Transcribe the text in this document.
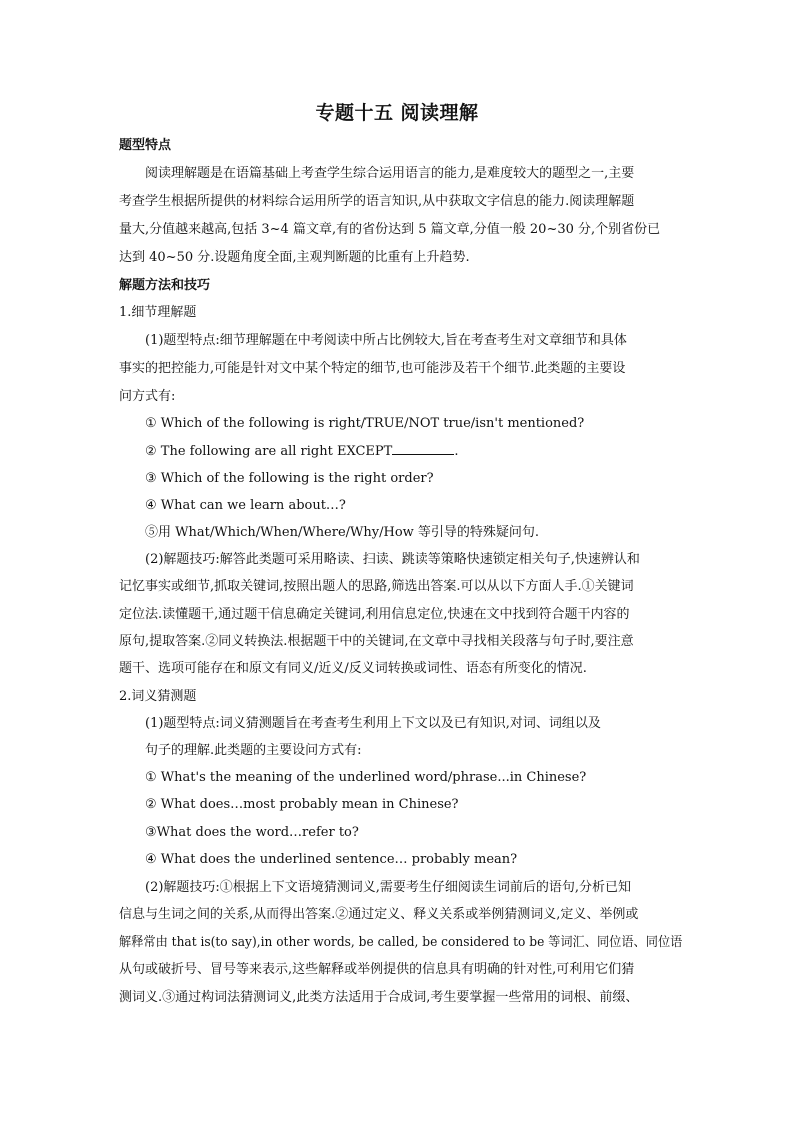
专题十五 阅读理解
题型特点
阅读理解题是在语篇基础上考查学生综合运用语言的能力,是难度较大的题型之一,主要
考查学生根据所提供的材料综合运用所学的语言知识,从中获取文字信息的能力.阅读理解题
量大,分值越来越高,包括 3~4 篇文章,有的省份达到 5 篇文章,分值一般 20~30 分,个别省份已
达到 40~50 分.设题角度全面,主观判断题的比重有上升趋势.
解题方法和技巧
1.细节理解题
(1)题型特点:细节理解题在中考阅读中所占比例较大,旨在考查考生对文章细节和具体
事实的把控能力,可能是针对文中某个特定的细节,也可能涉及若干个细节.此类题的主要设
问方式有:
① Which of the following is right/TRUE/NOT true/isn't mentioned?
② The following are all right EXCEPT	.
③ Which of the following is the right order?
④ What can we learn about…?
⑤用 What/Which/When/Where/Why/How 等引导的特殊疑问句.
(2)解题技巧:解答此类题可采用略读、扫读、跳读等策略快速锁定相关句子,快速辨认和
记忆事实或细节,抓取关键词,按照出题人的思路,筛选出答案.可以从以下方面人手.①关键词
定位法.读懂题干,通过题干信息确定关键词,利用信息定位,快速在文中找到符合题干内容的
原句,提取答案.②同义转换法.根据题干中的关键词,在文章中寻找相关段落与句子时,要注意
题干、选项可能存在和原文有同义/近义/反义词转换或词性、语态有所变化的情况.
2.词义猜测题
(1)题型特点:词义猜测题旨在考查考生利用上下文以及已有知识,对词、词组以及
句子的理解.此类题的主要设问方式有:
① What's the meaning of the underlined word/phrase...in Chinese?
② What does…most probably mean in Chinese?
③What does the word…refer to?
④ What does the underlined sentence… probably mean?
(2)解题技巧:①根据上下文语境猜测词义,需要考生仔细阅读生词前后的语句,分析已知
信息与生词之间的关系,从而得出答案.②通过定义、释义关系或举例猜测词义,定义、举例或
解释常由 that is(to say),in other words, be called, be considered to be 等词汇、同位语、同位语
从句或破折号、冒号等来表示,这些解释或举例提供的信息具有明确的针对性,可利用它们猜
测词义.③通过构词法猜测词义,此类方法适用于合成词,考生要掌握一些常用的词根、前缀、
